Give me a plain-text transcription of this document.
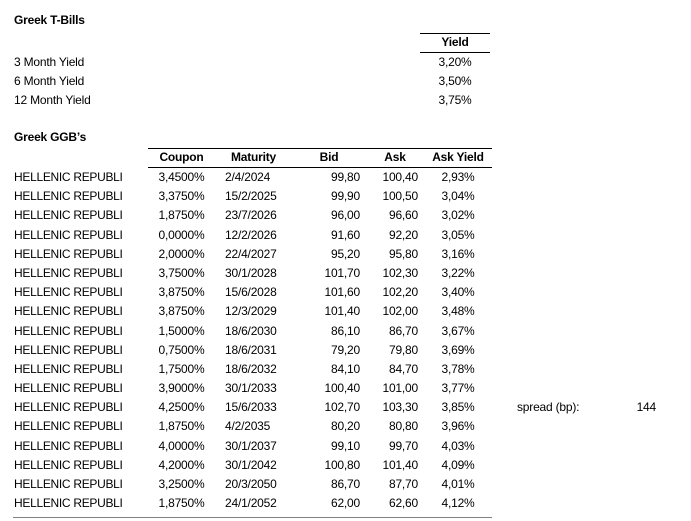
Greek T-Bills
Yield
3 Month Yield	3,20%
6 Month Yield	3,50%
12 Month Yield	3,75%
Greek GGB’s
Coupon	Maturity	Bid	Ask	Ask Yield
HELLENIC REPUBLI	3,4500%	2/4/2024	99,80	100,40	2,93%
HELLENIC REPUBLI	3,3750%	15/2/2025	99,90	100,50	3,04%
HELLENIC REPUBLI	1,8750%	23/7/2026	96,00	96,60	3,02%
HELLENIC REPUBLI	0,0000%	12/2/2026	91,60	92,20	3,05%
HELLENIC REPUBLI	2,0000%	22/4/2027	95,20	95,80	3,16%
HELLENIC REPUBLI	3,7500%	30/1/2028	101,70	102,30	3,22%
HELLENIC REPUBLI	3,8750%	15/6/2028	101,60	102,20	3,40%
HELLENIC REPUBLI	3,8750%	12/3/2029	101,40	102,00	3,48%
HELLENIC REPUBLI	1,5000%	18/6/2030	86,10	86,70	3,67%
HELLENIC REPUBLI	0,7500%	18/6/2031	79,20	79,80	3,69%
HELLENIC REPUBLI	1,7500%	18/6/2032	84,10	84,70	3,78%
HELLENIC REPUBLI	3,9000%	30/1/2033	100,40	101,00	3,77%
HELLENIC REPUBLI	4,2500%	15/6/2033	102,70	103,30	3,85%
HELLENIC REPUBLI	1,8750%	4/2/2035	80,20	80,80	3,96%
HELLENIC REPUBLI	4,0000%	30/1/2037	99,10	99,70	4,03%
HELLENIC REPUBLI	4,2000%	30/1/2042	100,80	101,40	4,09%
HELLENIC REPUBLI	3,2500%	20/3/2050	86,70	87,70	4,01%
HELLENIC REPUBLI	1,8750%	24/1/2052	62,00	62,60	4,12%
spread (bp):	144
